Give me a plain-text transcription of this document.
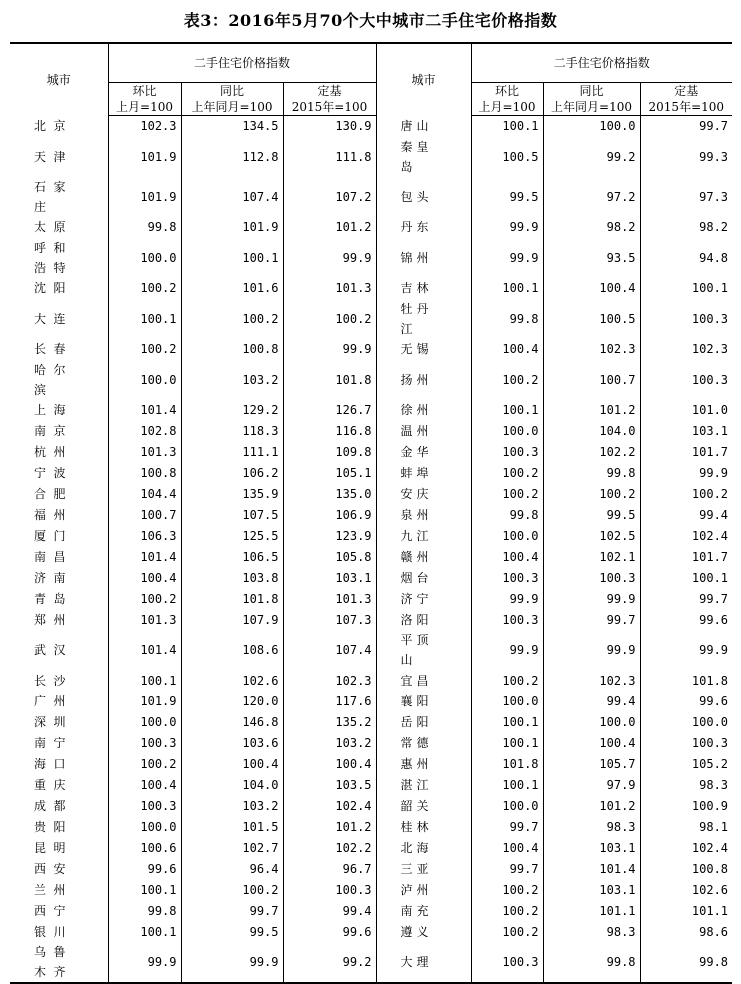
表3：2016年5月70个大中城市二手住宅价格指数
城市	二手住宅价格指数			城市	二手住宅价格指数		
	环比	同比	定基		环比	同比	定基
	上月=100	上年同月=100	2015年=100		上月=100	上年同月=100	2015年=100
北京	102.3	134.5	130.9	唐山	100.1	100.0	99.7
天津	101.9	112.8	111.8	秦皇岛	100.5	99.2	99.3
石家庄	101.9	107.4	107.2	包头	99.5	97.2	97.3
太原	99.8	101.9	101.2	丹东	99.9	98.2	98.2
呼和浩特	100.0	100.1	99.9	锦州	99.9	93.5	94.8
沈阳	100.2	101.6	101.3	吉林	100.1	100.4	100.1
大连	100.1	100.2	100.2	牡丹江	99.8	100.5	100.3
长春	100.2	100.8	99.9	无锡	100.4	102.3	102.3
哈尔滨	100.0	103.2	101.8	扬州	100.2	100.7	100.3
上海	101.4	129.2	126.7	徐州	100.1	101.2	101.0
南京	102.8	118.3	116.8	温州	100.0	104.0	103.1
杭州	101.3	111.1	109.8	金华	100.3	102.2	101.7
宁波	100.8	106.2	105.1	蚌埠	100.2	99.8	99.9
合肥	104.4	135.9	135.0	安庆	100.2	100.2	100.2
福州	100.7	107.5	106.9	泉州	99.8	99.5	99.4
厦门	106.3	125.5	123.9	九江	100.0	102.5	102.4
南昌	101.4	106.5	105.8	赣州	100.4	102.1	101.7
济南	100.4	103.8	103.1	烟台	100.3	100.3	100.1
青岛	100.2	101.8	101.3	济宁	99.9	99.9	99.7
郑州	101.3	107.9	107.3	洛阳	100.3	99.7	99.6
武汉	101.4	108.6	107.4	平顶山	99.9	99.9	99.9
长沙	100.1	102.6	102.3	宜昌	100.2	102.3	101.8
广州	101.9	120.0	117.6	襄阳	100.0	99.4	99.6
深圳	100.0	146.8	135.2	岳阳	100.1	100.0	100.0
南宁	100.3	103.6	103.2	常德	100.1	100.4	100.3
海口	100.2	100.4	100.4	惠州	101.8	105.7	105.2
重庆	100.4	104.0	103.5	湛江	100.1	97.9	98.3
成都	100.3	103.2	102.4	韶关	100.0	101.2	100.9
贵阳	100.0	101.5	101.2	桂林	99.7	98.3	98.1
昆明	100.6	102.7	102.2	北海	100.4	103.1	102.4
西安	99.6	96.4	96.7	三亚	99.7	101.4	100.8
兰州	100.1	100.2	100.3	泸州	100.2	103.1	102.6
西宁	99.8	99.7	99.4	南充	100.2	101.1	101.1
银川	100.1	99.5	99.6	遵义	100.2	98.3	98.6
乌鲁木齐	99.9	99.9	99.2	大理	100.3	99.8	99.8
